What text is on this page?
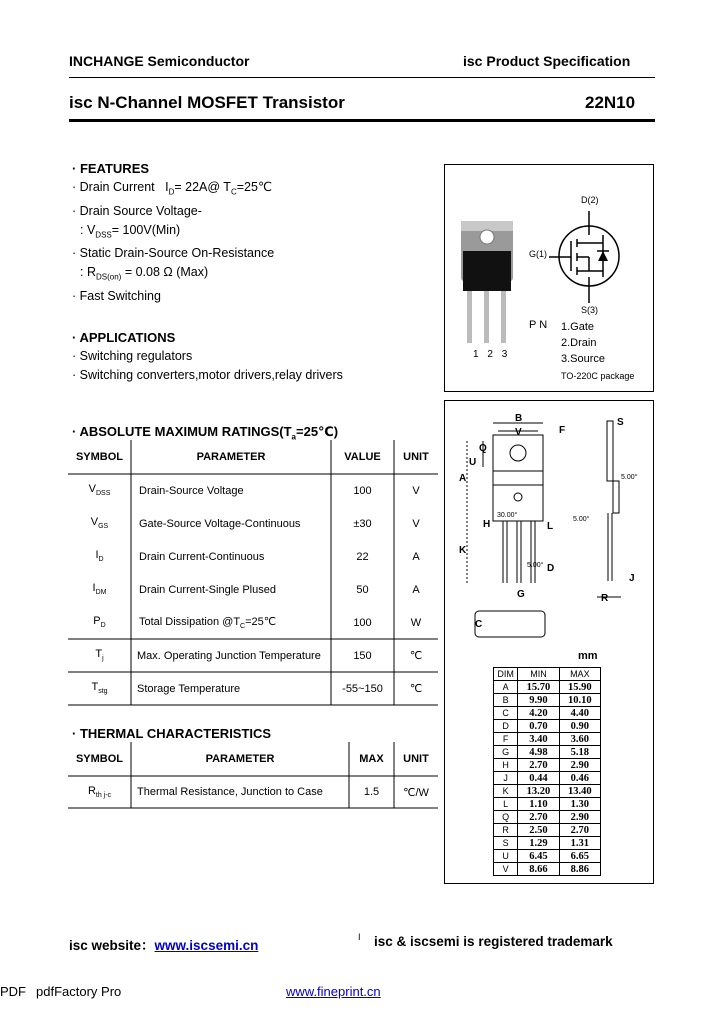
INCHANGE Semiconductor	isc Product Specification
isc N-Channel MOSFET Transistor	22N10
· FEATURES
· Drain Current $I_D=$ 22A@ $T_C=25℃$
· Drain Source Voltage-
: $V_{DSS}= 100V(Min)$
· Static Drain-Source On-Resistance
: $R_{DS(on)} = 0.08$ Ω (Max)
· Fast Switching
· APPLICATIONS
· Switching regulators
· Switching converters,motor drivers,relay drivers
· ABSOLUTE MAXIMUM $RATINGS(T_a=25℃)$
SYMBOL	PARAMETER	VALUE	UNIT
$V_{DSS}$	Drain-Source Voltage	100	V
$V_{GS}$	Gate-Source Voltage-Continuous	±30	V
$I_D$	Drain Current-Continuous	22	A
$I_{DM}$	Drain Current-Single Plused	50	A
$P_D$	Total Dissipation $@T_C=25℃$	100	W
$T_j$	Max. Operating Junction Temperature	150	℃
$T_{stg}$	Storage Temperature	-55~150	℃
· THERMAL CHARACTERISTICS
SYMBOL	PARAMETER	MAX	UNIT
$R_{th j-c}$	Thermal Resistance, Junction to Case	1.5	℃/W
D(2)
G(1)
S(3)
1 2 3
P N 1.Gate
2.Drain
3.Source
TO-220C package
B
V
Q
U
F
S
A
H	L
K
D
G
J
R
C
30.00°
5.00°
5.00°
5.00°
mm
DIM	MIN	MAX
A	15.70	15.90
B	9.90	10.10
C	4.20	4.40
D	0.70	0.90
F	3.40	3.60
G	4.98	5.18
H	2.70	2.90
J	0.44	0.46
K	13.20	13.40
L	1.10	1.30
Q	2.70	2.90
R	2.50	2.70
S	1.29	1.31
U	6.45	6.65
V	8.66	8.86
isc website：www.iscsemi.cn
I isc & iscsemi is registered trademark
PDF pdfFactory Pro	www.fineprint.cn
